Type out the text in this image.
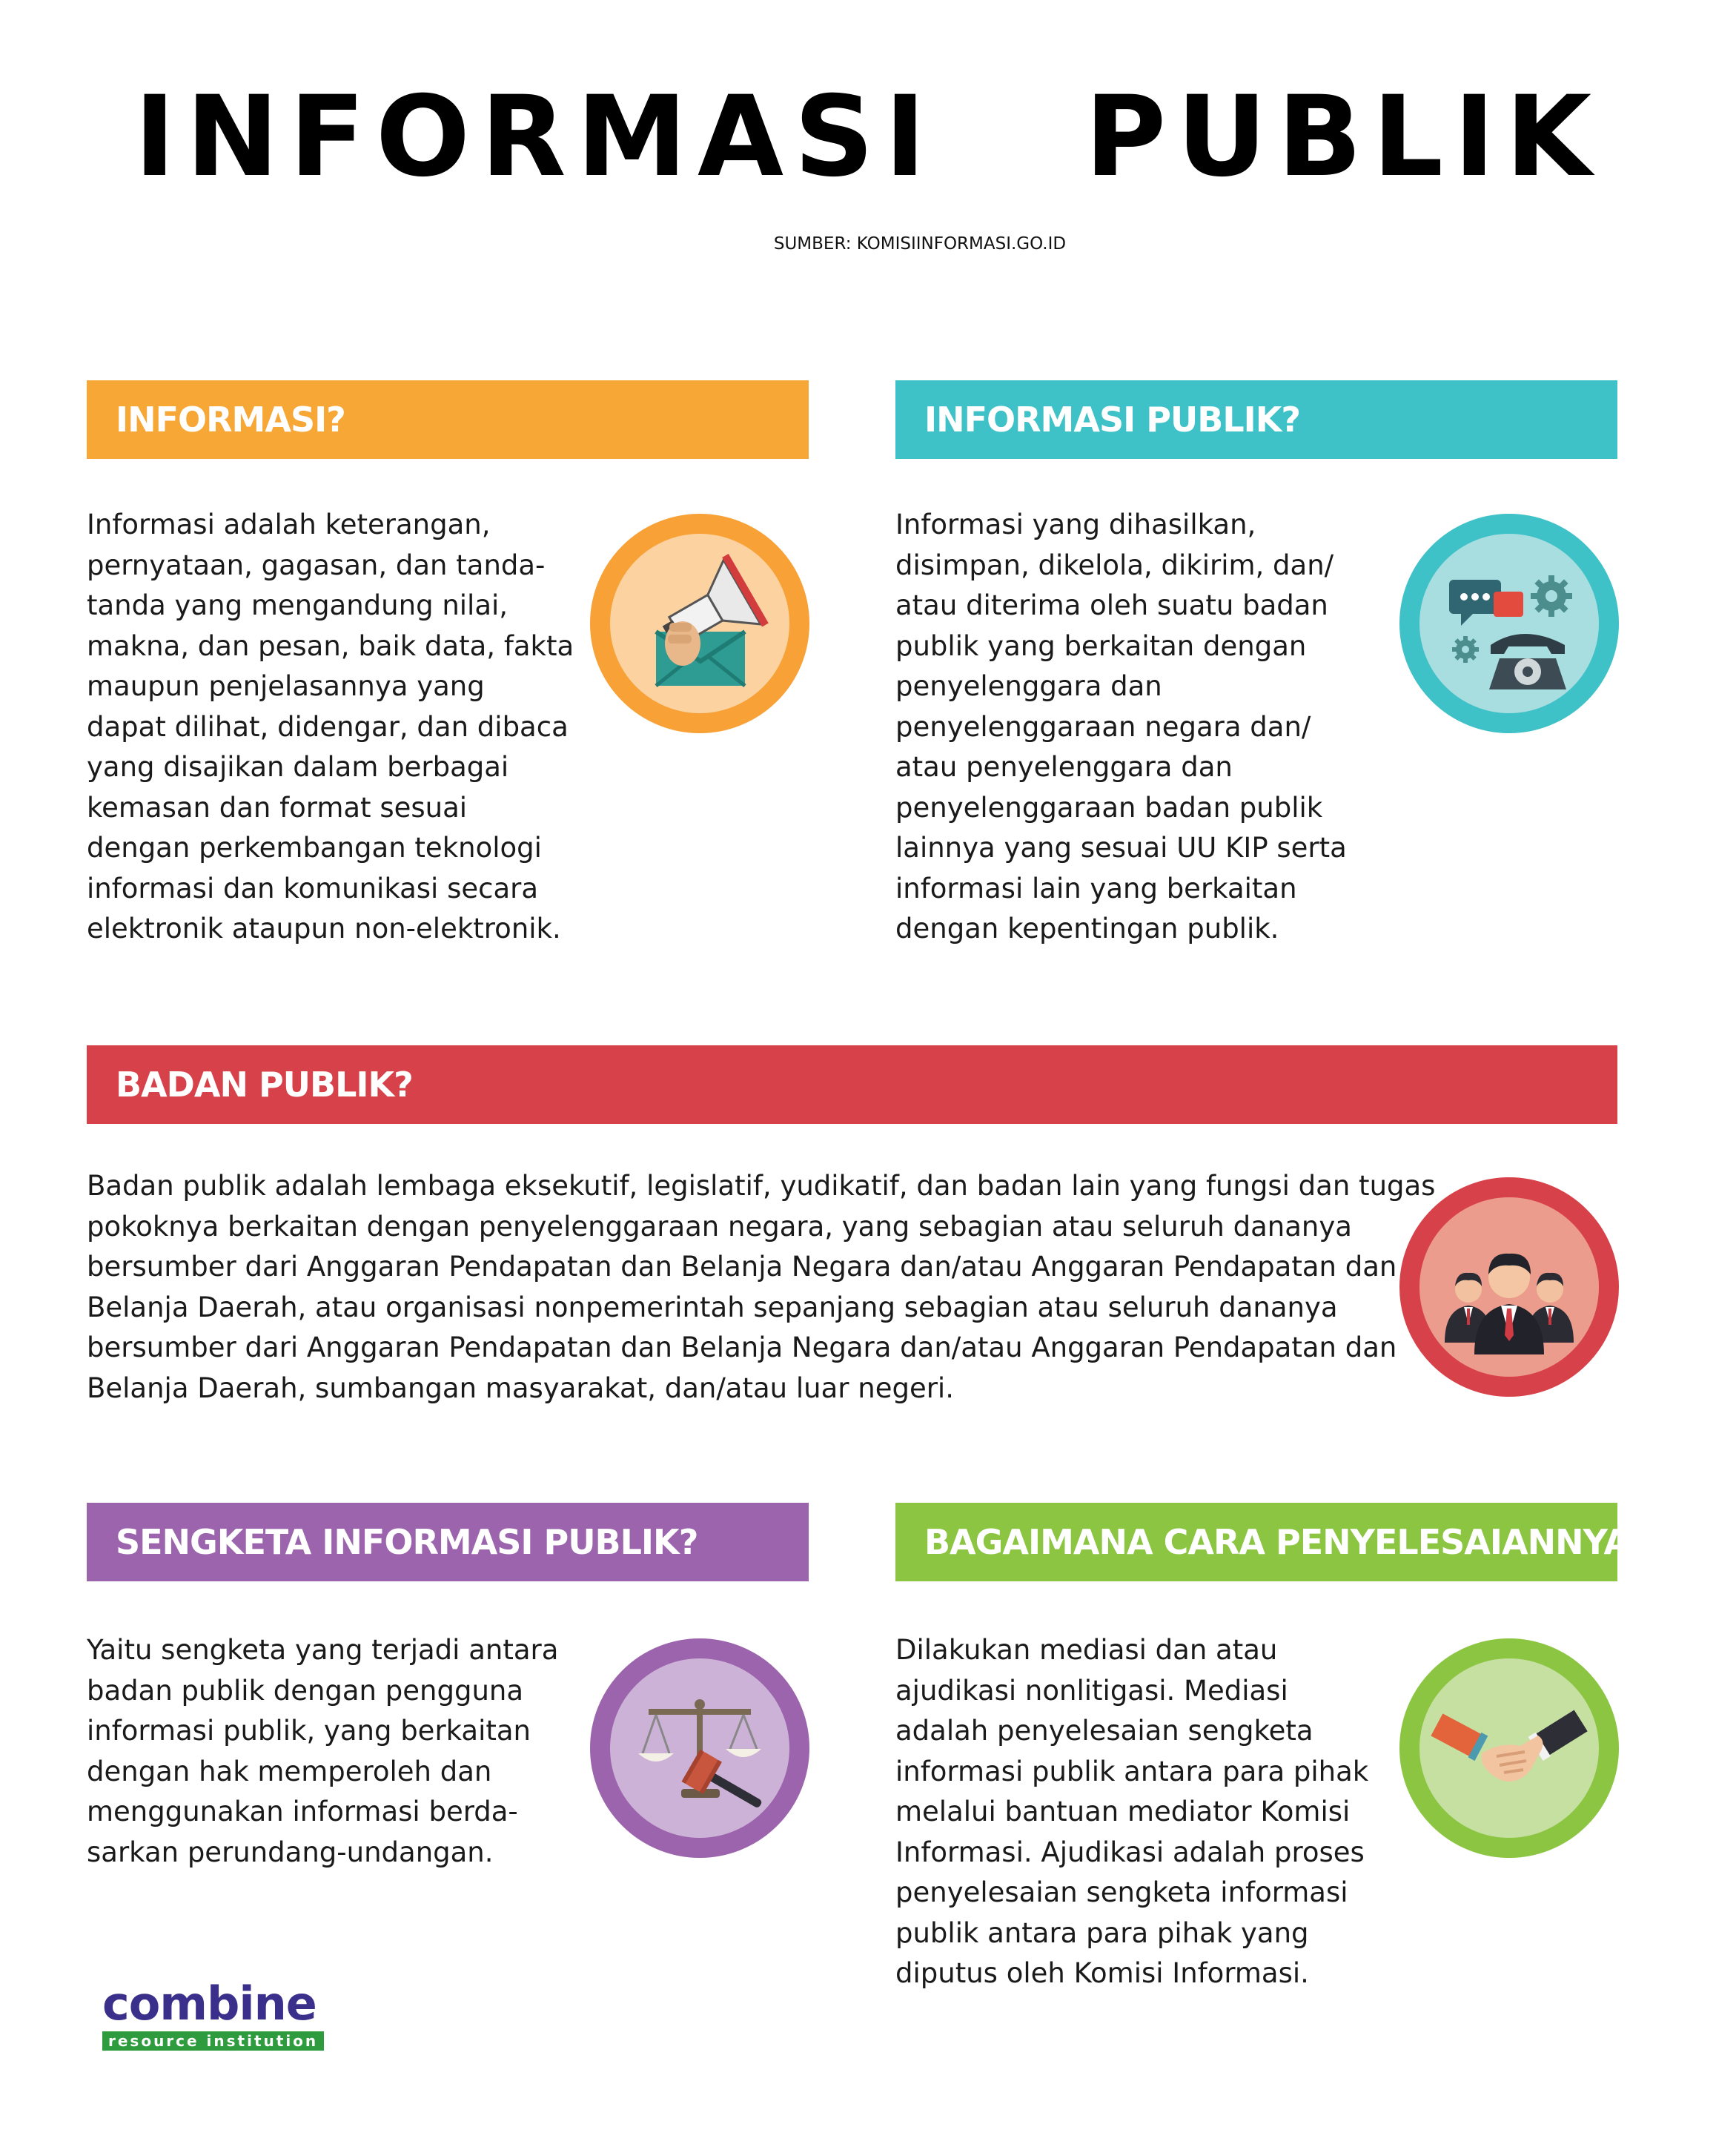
INFORMASI  PUBLIK
SUMBER: KOMISIINFORMASI.GO.ID
INFORMASI?
Informasi adalah keterangan,
pernyataan, gagasan, dan tanda-
tanda yang mengandung nilai,
makna, dan pesan, baik data, fakta
maupun penjelasannya yang
dapat dilihat, didengar, dan dibaca
yang disajikan dalam berbagai
kemasan dan format sesuai
dengan perkembangan teknologi
informasi dan komunikasi secara
elektronik ataupun non-elektronik.
INFORMASI PUBLIK?
Informasi yang dihasilkan,
disimpan, dikelola, dikirim, dan/
atau diterima oleh suatu badan
publik yang berkaitan dengan
penyelenggara dan
penyelenggaraan negara dan/
atau penyelenggara dan
penyelenggaraan badan publik
lainnya yang sesuai UU KIP serta
informasi lain yang berkaitan
dengan kepentingan publik.
BADAN PUBLIK?
Badan publik adalah lembaga eksekutif, legislatif, yudikatif, dan badan lain yang fungsi dan tugas
pokoknya berkaitan dengan penyelenggaraan negara, yang sebagian atau seluruh dananya
bersumber dari Anggaran Pendapatan dan Belanja Negara dan/atau Anggaran Pendapatan dan
Belanja Daerah, atau organisasi nonpemerintah sepanjang sebagian atau seluruh dananya
bersumber dari Anggaran Pendapatan dan Belanja Negara dan/atau Anggaran Pendapatan dan
Belanja Daerah, sumbangan masyarakat, dan/atau luar negeri.
SENGKETA INFORMASI PUBLIK?
Yaitu sengketa yang terjadi antara
badan publik dengan pengguna
informasi publik, yang berkaitan
dengan hak memperoleh dan
menggunakan informasi berda-
sarkan perundang-undangan.
BAGAIMANA CARA PENYELESAIANNYA?
Dilakukan mediasi dan atau
ajudikasi nonlitigasi. Mediasi
adalah penyelesaian sengketa
informasi publik antara para pihak
melalui bantuan mediator Komisi
Informasi. Ajudikasi adalah proses
penyelesaian sengketa informasi
publik antara para pihak yang
diputus oleh Komisi Informasi.
combine
resource institution
